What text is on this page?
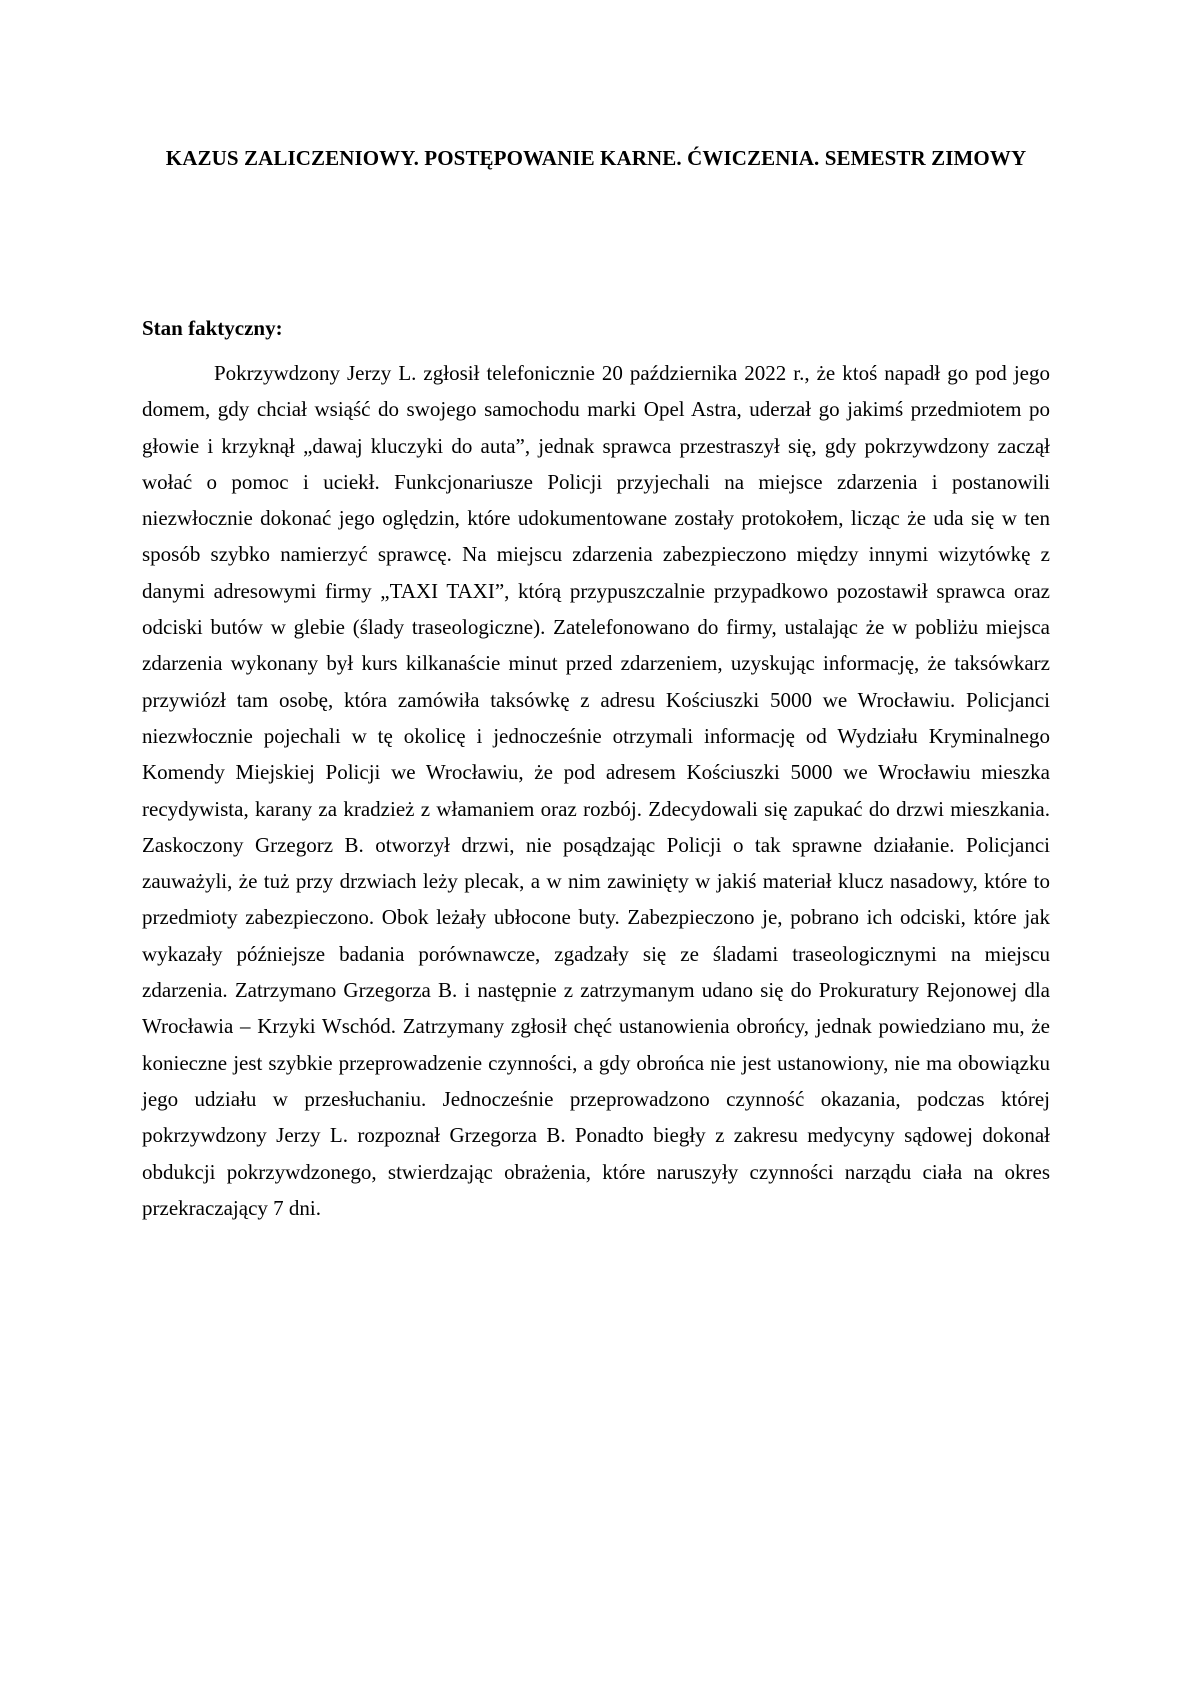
KAZUS ZALICZENIOWY. POSTĘPOWANIE KARNE. ĆWICZENIA. SEMESTR ZIMOWY
Stan faktyczny:

Pokrzywdzony Jerzy L. zgłosił telefonicznie 20 października 2022 r., że ktoś napadł go pod jego domem, gdy chciał wsiąść do swojego samochodu marki Opel Astra, uderzał go jakimś przedmiotem po głowie i krzyknął „dawaj kluczyki do auta”, jednak sprawca przestraszył się, gdy pokrzywdzony zaczął wołać o pomoc i uciekł. Funkcjonariusze Policji przyjechali na miejsce zdarzenia i postanowili niezwłocznie dokonać jego oględzin, które udokumentowane zostały protokołem, licząc że uda się w ten sposób szybko namierzyć sprawcę. Na miejscu zdarzenia zabezpieczono między innymi wizytówkę z danymi adresowymi firmy „TAXI TAXI”, którą przypuszczalnie przypadkowo pozostawił sprawca oraz odciski butów w glebie (ślady traseologiczne). Zatelefonowano do firmy, ustalając że w pobliżu miejsca zdarzenia wykonany był kurs kilkanaście minut przed zdarzeniem, uzyskując informację, że taksówkarz przywiózł tam osobę, która zamówiła taksówkę z adresu Kościuszki 5000 we Wrocławiu. Policjanci niezwłocznie pojechali w tę okolicę i jednocześnie otrzymali informację od Wydziału Kryminalnego Komendy Miejskiej Policji we Wrocławiu, że pod adresem Kościuszki 5000 we Wrocławiu mieszka recydywista, karany za kradzież z włamaniem oraz rozbój. Zdecydowali się zapukać do drzwi mieszkania. Zaskoczony Grzegorz B. otworzył drzwi, nie posądzając Policji o tak sprawne działanie. Policjanci zauważyli, że tuż przy drzwiach leży plecak, a w nim zawinięty w jakiś materiał klucz nasadowy, które to przedmioty zabezpieczono. Obok leżały ubłocone buty. Zabezpieczono je, pobrano ich odciski, które jak wykazały późniejsze badania porównawcze, zgadzały się ze śladami traseologicznymi na miejscu zdarzenia. Zatrzymano Grzegorza B. i następnie z zatrzymanym udano się do Prokuratury Rejonowej dla Wrocławia – Krzyki Wschód. Zatrzymany zgłosił chęć ustanowienia obrońcy, jednak powiedziano mu, że konieczne jest szybkie przeprowadzenie czynności, a gdy obrońca nie jest ustanowiony, nie ma obowiązku jego udziału w przesłuchaniu. Jednocześnie przeprowadzono czynność okazania, podczas której pokrzywdzony Jerzy L. rozpoznał Grzegorza B. Ponadto biegły z zakresu medycyny sądowej dokonał obdukcji pokrzywdzonego, stwierdzając obrażenia, które naruszyły czynności narządu ciała na okres przekraczający 7 dni.
